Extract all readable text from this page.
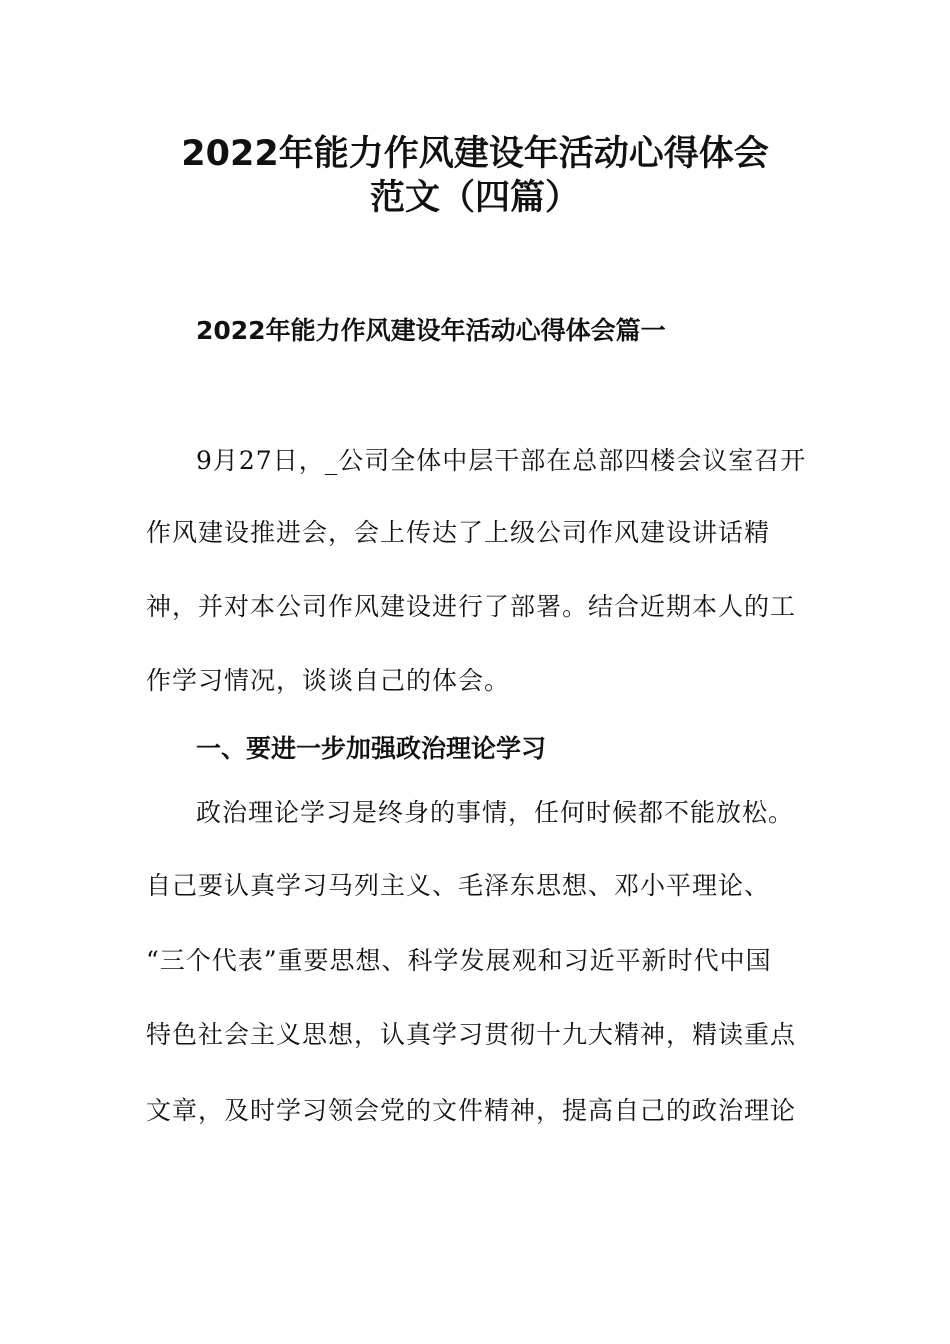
2022年能力作风建设年活动心得体会
范文（四篇）
2022年能力作风建设年活动心得体会篇一
9月27日，_公司全体中层干部在总部四楼会议室召开
作风建设推进会，会上传达了上级公司作风建设讲话精
神，并对本公司作风建设进行了部署。结合近期本人的工
作学习情况，谈谈自己的体会。
一、要进一步加强政治理论学习
政治理论学习是终身的事情，任何时候都不能放松。
自己要认真学习马列主义、毛泽东思想、邓小平理论、
“三个代表”重要思想、科学发展观和习近平新时代中国
特色社会主义思想，认真学习贯彻十九大精神，精读重点
文章，及时学习领会党的文件精神，提高自己的政治理论
